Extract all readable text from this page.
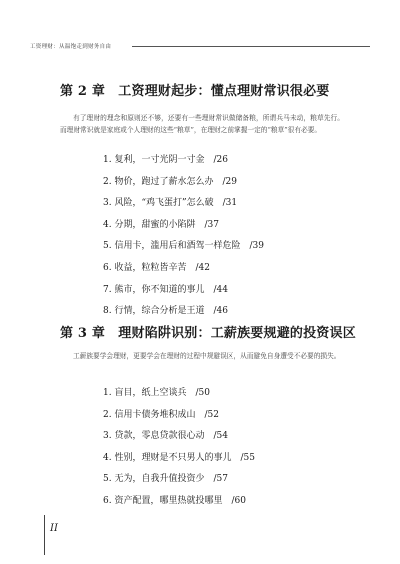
工资理财：从温饱走到财务自由
第 2 章　工资理财起步：懂点理财常识很必要

有了理财的理念和原则还不够，还要有一些理财常识做储备粮，所谓兵马未动，粮草先行。而理财常识就是家庭或个人理财的这些“粮草”，在理财之前掌握一定的“粮草”很有必要。

1. 复利，一寸光阴一寸金　/26
2. 物价，跑过了薪水怎么办　/29
3. 风险，“鸡飞蛋打”怎么破　/31
4. 分期，甜蜜的小陷阱　/37
5. 信用卡，滥用后和酒驾一样危险　/39
6. 收益，粒粒皆辛苦　/42
7. 熊市，你不知道的事儿　/44
8. 行情，综合分析是王道　/46
第 3 章　理财陷阱识别：工薪族要规避的投资误区

工薪族要学会理财，更要学会在理财的过程中规避误区，从而避免自身遭受不必要的损失。

1. 盲目，纸上空谈兵　/50
2. 信用卡债务堆积成山　/52
3. 贷款，零息贷款很心动　/54
4. 性别，理财是不只男人的事儿　/55
5. 无为，自我升值投资少　/57
6. 资产配置，哪里热就投哪里　/60
II
